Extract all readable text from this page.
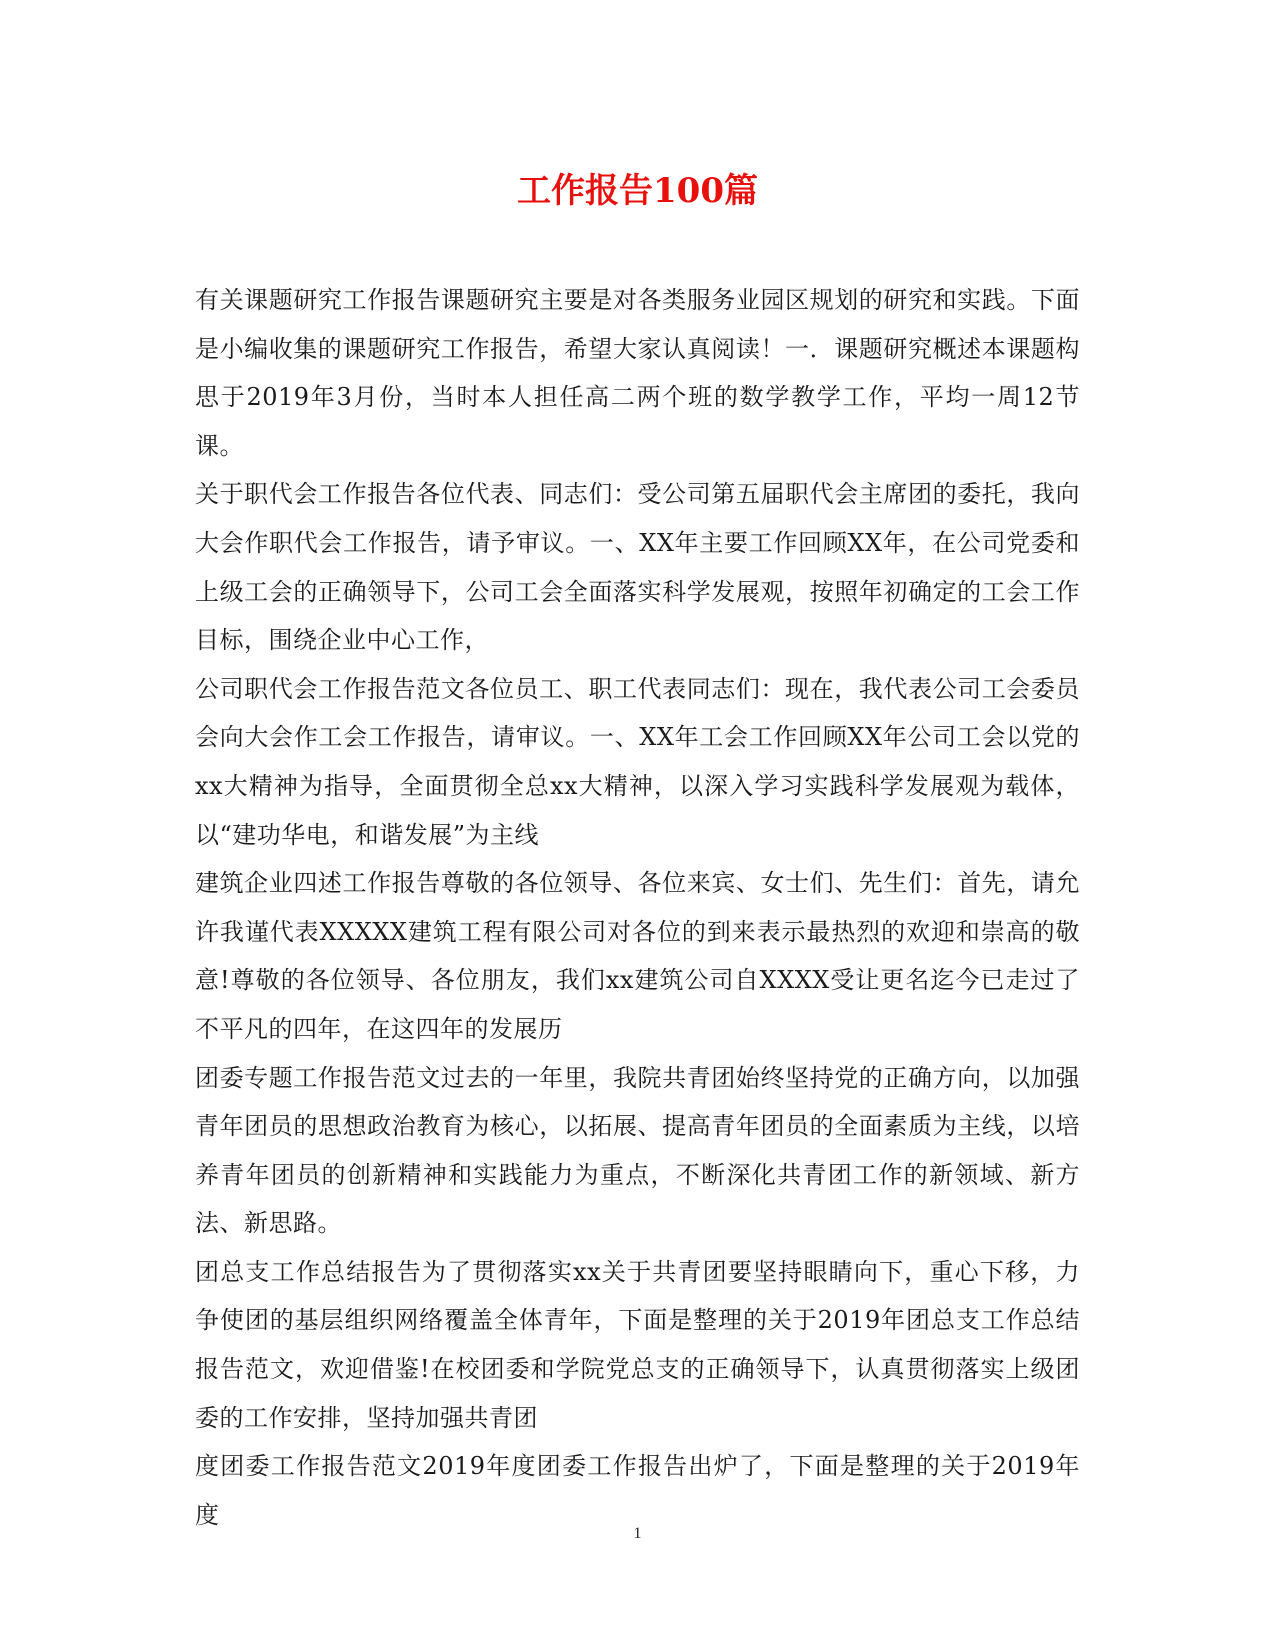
工作报告100篇

有关课题研究工作报告课题研究主要是对各类服务业园区规划的研究和实践。下面是小编收集的课题研究工作报告，希望大家认真阅读！一．课题研究概述本课题构思于2019年3月份，当时本人担任高二两个班的数学教学工作，平均一周12节课。

关于职代会工作报告各位代表、同志们：受公司第五届职代会主席团的委托，我向大会作职代会工作报告，请予审议。一、XX年主要工作回顾XX年，在公司党委和上级工会的正确领导下，公司工会全面落实科学发展观，按照年初确定的工会工作目标，围绕企业中心工作，

公司职代会工作报告范文各位员工、职工代表同志们：现在，我代表公司工会委员会向大会作工会工作报告，请审议。一、XX年工会工作回顾XX年公司工会以党的xx大精神为指导，全面贯彻全总xx大精神，以深入学习实践科学发展观为载体，以“建功华电，和谐发展”为主线

建筑企业四述工作报告尊敬的各位领导、各位来宾、女士们、先生们：首先，请允许我谨代表XXXXX建筑工程有限公司对各位的到来表示最热烈的欢迎和崇高的敬意!尊敬的各位领导、各位朋友，我们xx建筑公司自XXXX受让更名迄今已走过了不平凡的四年，在这四年的发展历

团委专题工作报告范文过去的一年里，我院共青团始终坚持党的正确方向，以加强青年团员的思想政治教育为核心，以拓展、提高青年团员的全面素质为主线，以培养青年团员的创新精神和实践能力为重点，不断深化共青团工作的新领域、新方法、新思路。

团总支工作总结报告为了贯彻落实xx关于共青团要坚持眼睛向下，重心下移，力争使团的基层组织网络覆盖全体青年，下面是整理的关于2019年团总支工作总结报告范文，欢迎借鉴!在校团委和学院党总支的正确领导下，认真贯彻落实上级团委的工作安排，坚持加强共青团

度团委工作报告范文2019年度团委工作报告出炉了，下面是整理的关于2019年度

1
